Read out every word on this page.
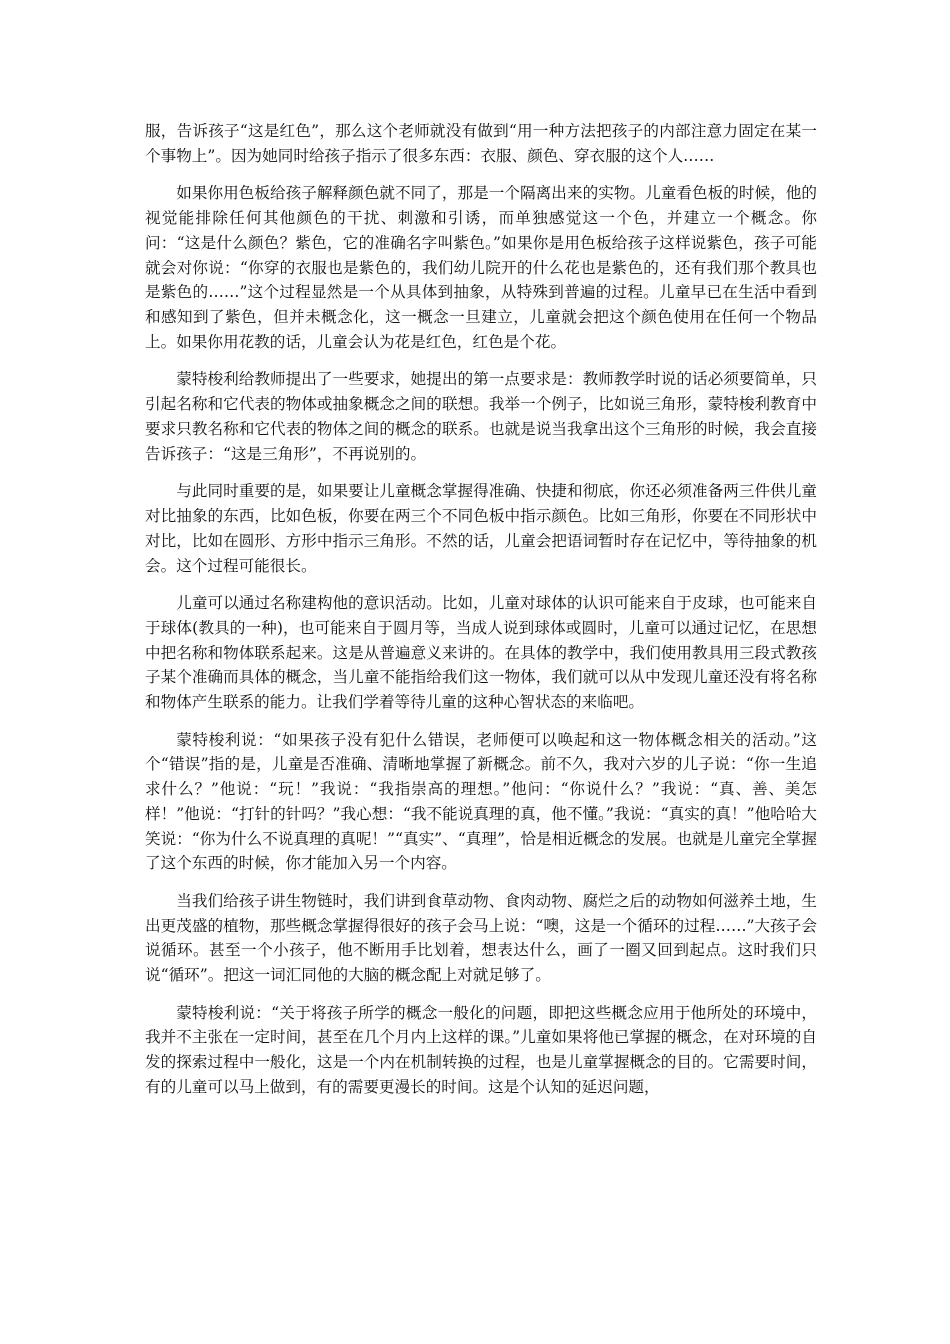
服，告诉孩子“这是红色”，那么这个老师就没有做到“用一种方法把孩子的内部注意力固定在某一个事物上”。因为她同时给孩子指示了很多东西：衣服、颜色、穿衣服的这个人……

如果你用色板给孩子解释颜色就不同了，那是一个隔离出来的实物。儿童看色板的时候，他的视觉能排除任何其他颜色的干扰、刺激和引诱，而单独感觉这一个色，并建立一个概念。你问：“这是什么颜色？紫色，它的准确名字叫紫色。”如果你是用色板给孩子这样说紫色，孩子可能就会对你说：“你穿的衣服也是紫色的，我们幼儿院开的什么花也是紫色的，还有我们那个教具也是紫色的……”这个过程显然是一个从具体到抽象，从特殊到普遍的过程。儿童早已在生活中看到和感知到了紫色，但并未概念化，这一概念一旦建立，儿童就会把这个颜色使用在任何一个物品上。如果你用花教的话，儿童会认为花是红色，红色是个花。

蒙特梭利给教师提出了一些要求，她提出的第一点要求是：教师教学时说的话必须要简单，只引起名称和它代表的物体或抽象概念之间的联想。我举一个例子，比如说三角形，蒙特梭利教育中要求只教名称和它代表的物体之间的概念的联系。也就是说当我拿出这个三角形的时候，我会直接告诉孩子：“这是三角形”，不再说别的。

与此同时重要的是，如果要让儿童概念掌握得准确、快捷和彻底，你还必须准备两三件供儿童对比抽象的东西，比如色板，你要在两三个不同色板中指示颜色。比如三角形，你要在不同形状中对比，比如在圆形、方形中指示三角形。不然的话，儿童会把语词暂时存在记忆中，等待抽象的机会。这个过程可能很长。

儿童可以通过名称建构他的意识活动。比如，儿童对球体的认识可能来自于皮球，也可能来自于球体(教具的一种)，也可能来自于圆月等，当成人说到球体或圆时，儿童可以通过记忆，在思想中把名称和物体联系起来。这是从普遍意义来讲的。在具体的教学中，我们使用教具用三段式教孩子某个准确而具体的概念，当儿童不能指给我们这一物体，我们就可以从中发现儿童还没有将名称和物体产生联系的能力。让我们学着等待儿童的这种心智状态的来临吧。

蒙特梭利说：“如果孩子没有犯什么错误，老师便可以唤起和这一物体概念相关的活动。”这个“错误”指的是，儿童是否准确、清晰地掌握了新概念。前不久，我对六岁的儿子说：“你一生追求什么？”他说：“玩！”我说：“我指崇高的理想。”他问：“你说什么？”我说：“真、善、美怎样！”他说：“打针的针吗？”我心想：“我不能说真理的真，他不懂。”我说：“真实的真！”他哈哈大笑说：“你为什么不说真理的真呢！”“真实”、“真理”，恰是相近概念的发展。也就是儿童完全掌握了这个东西的时候，你才能加入另一个内容。

当我们给孩子讲生物链时，我们讲到食草动物、食肉动物、腐烂之后的动物如何滋养土地，生出更茂盛的植物，那些概念掌握得很好的孩子会马上说：“噢，这是一个循环的过程……”大孩子会说循环。甚至一个小孩子，他不断用手比划着，想表达什么，画了一圈又回到起点。这时我们只说“循环”。把这一词汇同他的大脑的概念配上对就足够了。

蒙特梭利说：“关于将孩子所学的概念一般化的问题，即把这些概念应用于他所处的环境中，我并不主张在一定时间，甚至在几个月内上这样的课。”儿童如果将他已掌握的概念，在对环境的自发的探索过程中一般化，这是一个内在机制转换的过程，也是儿童掌握概念的目的。它需要时间，有的儿童可以马上做到，有的需要更漫长的时间。这是个认知的延迟问题，
